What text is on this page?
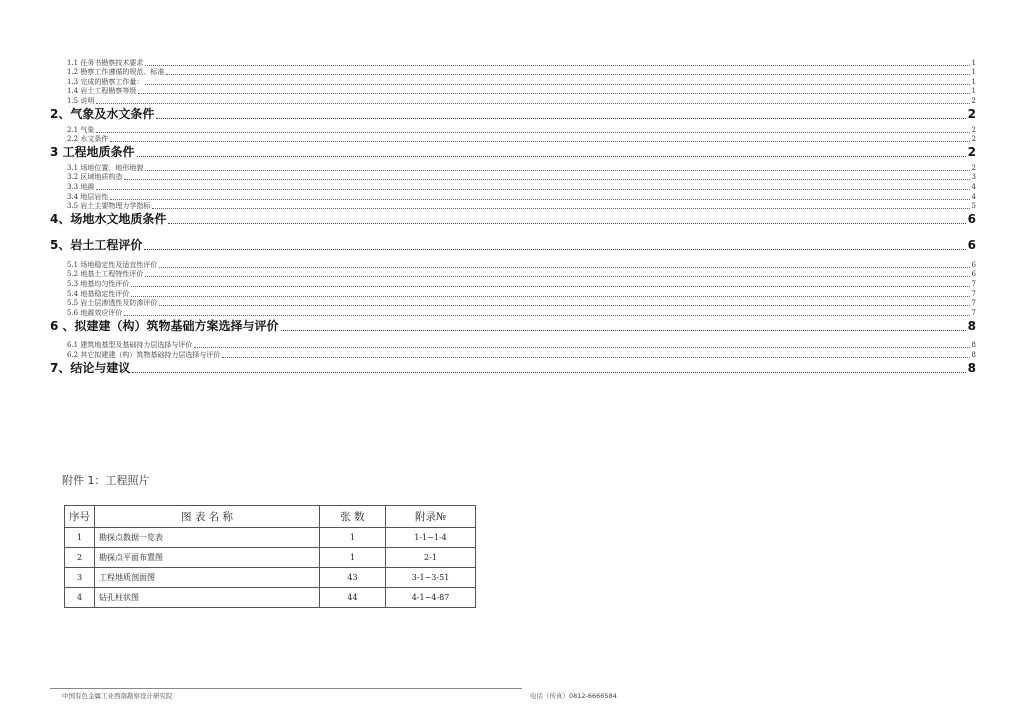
1.1 任务书勘察技术要求	1
1.2 勘察工作遵循的规范、标准	1
1.3 完成的勘察工作量：	1
1.4 岩土工程勘察等级	1
1.5 说明	2
2、气象及水文条件	2
2.1 气象	2
2.2 水文条件	2
3 工程地质条件	2
3.1 场地位置、地形地貌	2
3.2 区域地质构造	3
3.3 地震	4
3.4 地层岩性	4
3.5 岩土主要物理力学指标	5
4、场地水文地质条件	6
5、岩土工程评价	6
5.1 场地稳定性及适宜性评价	6
5.2 地基土工程特性评价	6
5.3 地基均匀性评价	7
5.4 地基稳定性评价	7
5.5 岩土层渗透性及防渗评价	7
5.6 地震效应评价	7
6 、拟建建（构）筑物基础方案选择与评价	8
6.1 建筑地基型及基础持力层选择与评价	8
6.2 其它拟建建（构）筑物基础持力层选择与评价	8
7、结论与建议	8
附件 1：工程照片
序号	图 表 名 称	张 数	附录№
1	勘探点数据一览表	1	1-1~1-4
2	勘探点平面布置图	1	2-1
3	工程地质剖面图	43	3-1~3-51
4	钻孔柱状图	44	4-1~4-87
中国有色金属工业西南勘察设计研究院	电话（传真）0812-6666584
